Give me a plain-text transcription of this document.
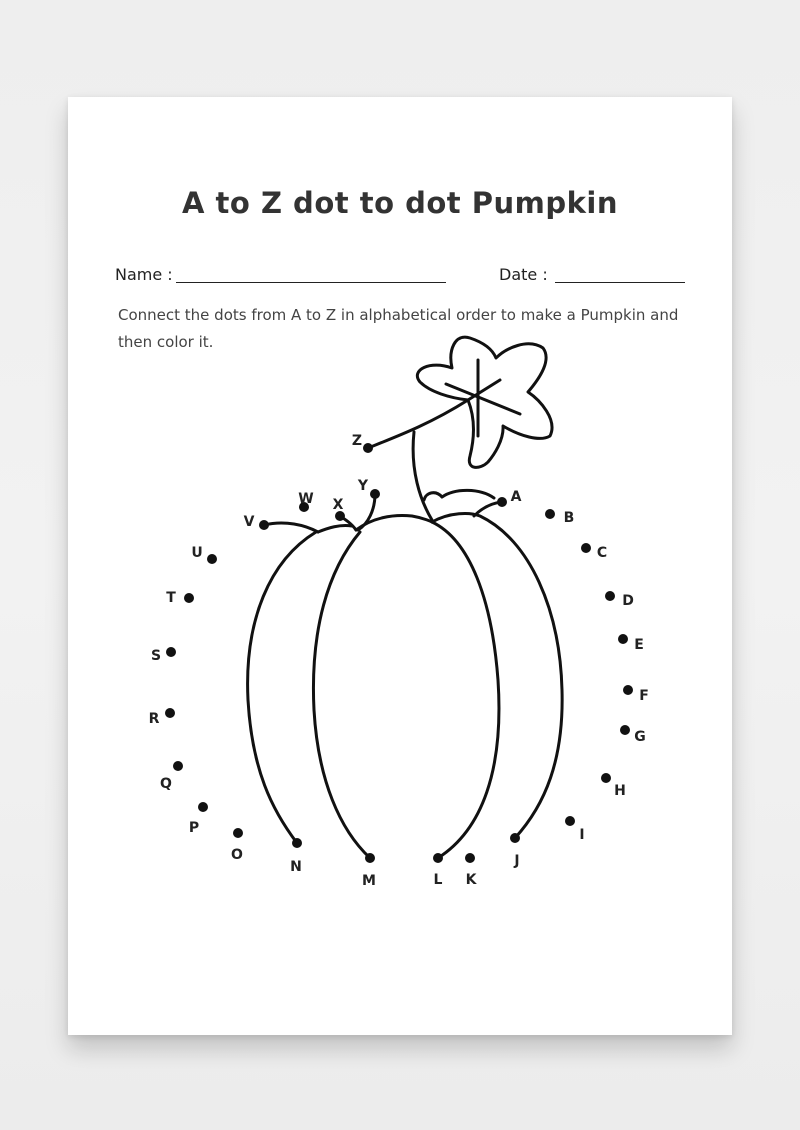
A to Z dot to dot Pumpkin
Name :	Date :
Connect the dots from A to Z in alphabetical order to make a Pumpkin and then color it.
A
B
C
D
E
F
G
H
I
J
K
L
M
N
O
P
Q
R
S
T
U
V
W X
Y
Z
